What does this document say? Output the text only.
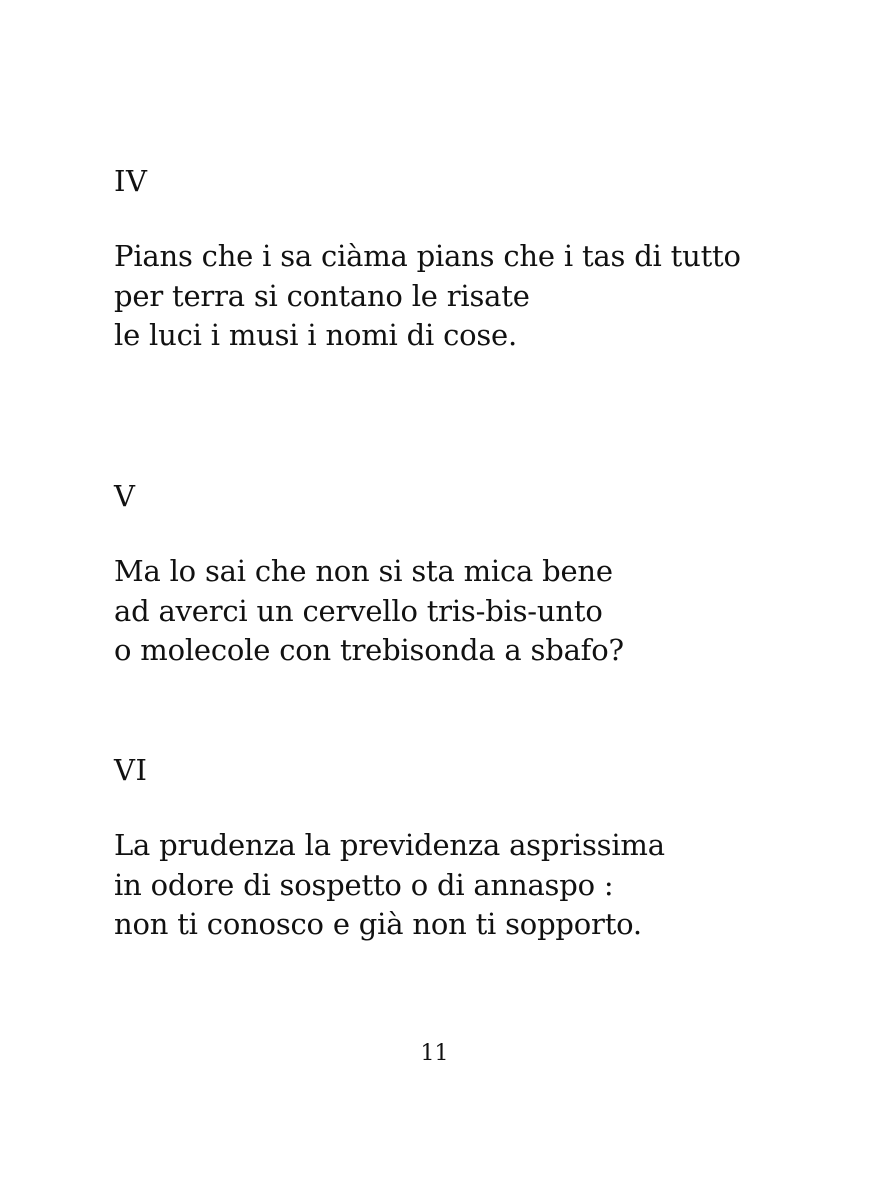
IV
Pians che i sa ciàma pians che i tas di tutto
per terra si contano le risate
le luci i musi i nomi di cose.
V
Ma lo sai che non si sta mica bene
ad averci un cervello tris-bis-unto
o molecole con trebisonda a sbafo?
VI
La prudenza la previdenza asprissima
in odore di sospetto o di annaspo :
non ti conosco e già non ti sopporto.
11
